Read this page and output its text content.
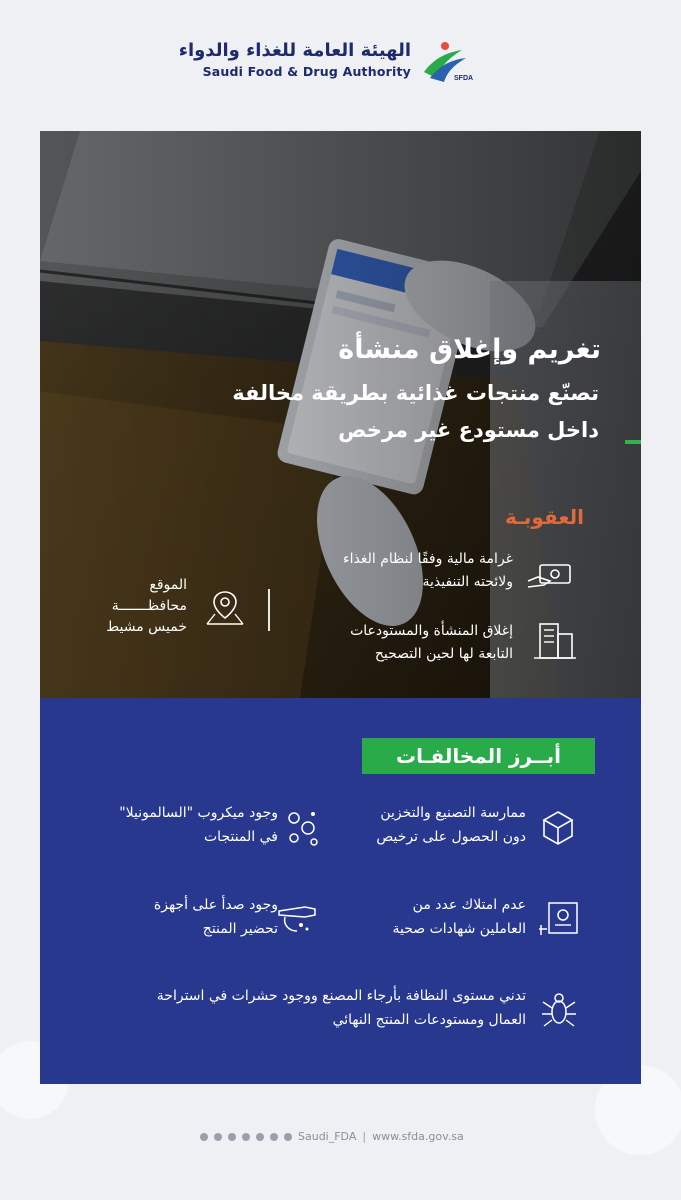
الهيئة العامة للغذاء والدواء
Saudi Food & Drug Authority	SFDA
تغريم وإغلاق منشأة
تصنّع منتجات غذائية بطريقة مخالفة
داخل مستودع غير مرخص
العقوبـة
غرامة مالية وفقًا لنظام الغذاء
ولائحته التنفيذية
إغلاق المنشأة والمستودعات
التابعة لها لحين التصحيح
الموقع
محافظـــــــة
خميس مشيط
أبــرز المخالفـات
ممارسة التصنيع والتخزين
دون الحصول على ترخيص
وجود ميكروب "السالمونيلا"
في المنتجات
عدم امتلاك عدد من
العاملين شهادات صحية
وجود صدأ على أجهزة
تحضير المنتج
تدني مستوى النظافة بأرجاء المصنع ووجود حشرات في استراحة
العمال ومستودعات المنتج النهائي
Saudi_FDA | www.sfda.gov.sa
